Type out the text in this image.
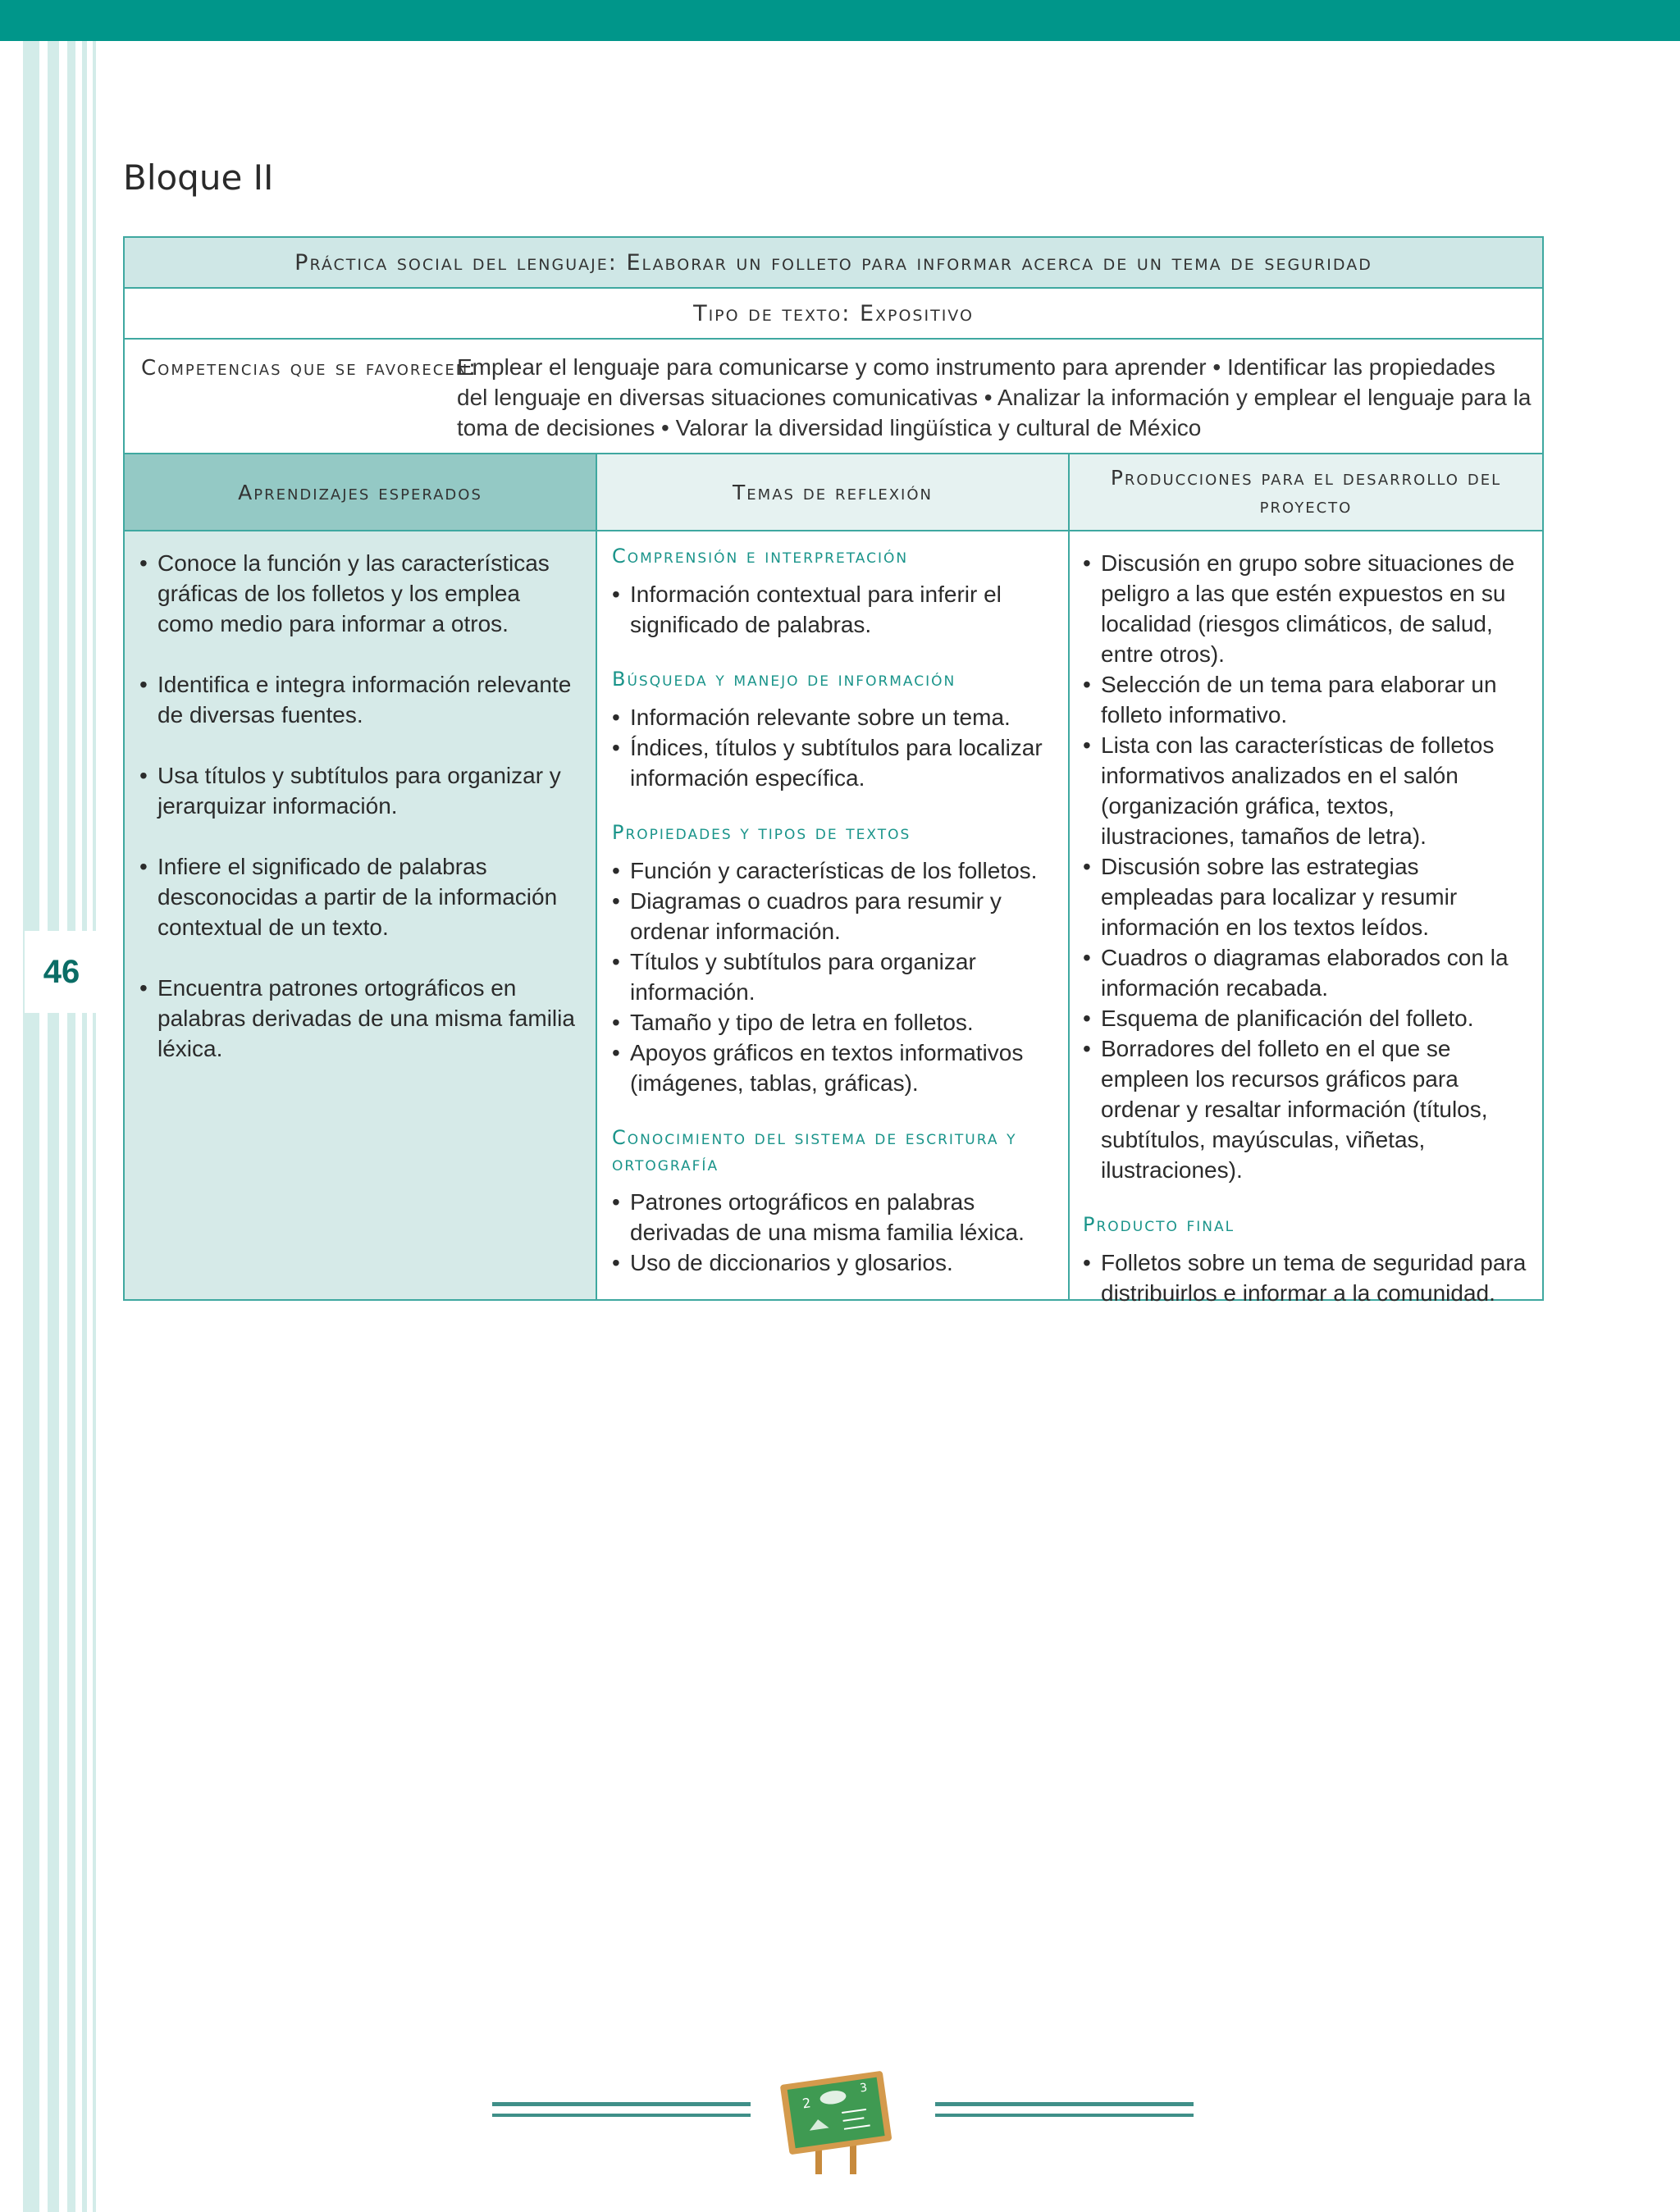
46
Bloque II
Práctica social del lenguaje: Elaborar un folleto para informar acerca de un tema de seguridad
Tipo de texto: Expositivo
Competencias que se favorecen:
Emplear el lenguaje para comunicarse y como instrumento para aprender • Identificar las propiedades del lenguaje en diversas situaciones comunicativas • Analizar la información y emplear el lenguaje para la toma de decisiones • Valorar la diversidad lingüística y cultural de México
Aprendizajes esperados	Temas de reflexión
Producciones para el desarrollo del proyecto
• Conoce la función y las características gráficas de los folletos y los emplea como medio para informar a otros.
• Identifica e integra información relevante de diversas fuentes.
• Usa títulos y subtítulos para organizar y jerarquizar información.
• Infiere el significado de palabras desconocidas a partir de la información contextual de un texto.
• Encuentra patrones ortográficos en palabras derivadas de una misma familia léxica.
Comprensión e interpretación
• Información contextual para inferir el significado de palabras.
Búsqueda y manejo de información
• Información relevante sobre un tema.
• Índices, títulos y subtítulos para localizar información específica.
Propiedades y tipos de textos
• Función y características de los folletos.
• Diagramas o cuadros para resumir y ordenar información.
• Títulos y subtítulos para organizar información.
• Tamaño y tipo de letra en folletos.
• Apoyos gráficos en textos informativos (imágenes, tablas, gráficas).
Conocimiento del sistema de escritura y ortografía
• Patrones ortográficos en palabras derivadas de una misma familia léxica.
• Uso de diccionarios y glosarios.
• Discusión en grupo sobre situaciones de peligro a las que estén expuestos en su localidad (riesgos climáticos, de salud, entre otros).
• Selección de un tema para elaborar un folleto informativo.
• Lista con las características de folletos informativos analizados en el salón (organización gráfica, textos, ilustraciones, tamaños de letra).
• Discusión sobre las estrategias empleadas para localizar y resumir información en los textos leídos.
• Cuadros o diagramas elaborados con la información recabada.
• Esquema de planificación del folleto.
• Borradores del folleto en el que se empleen los recursos gráficos para ordenar y resaltar información (títulos, subtítulos, mayúsculas, viñetas, ilustraciones).
Producto final
• Folletos sobre un tema de seguridad para distribuirlos e informar a la comunidad.
2
3
